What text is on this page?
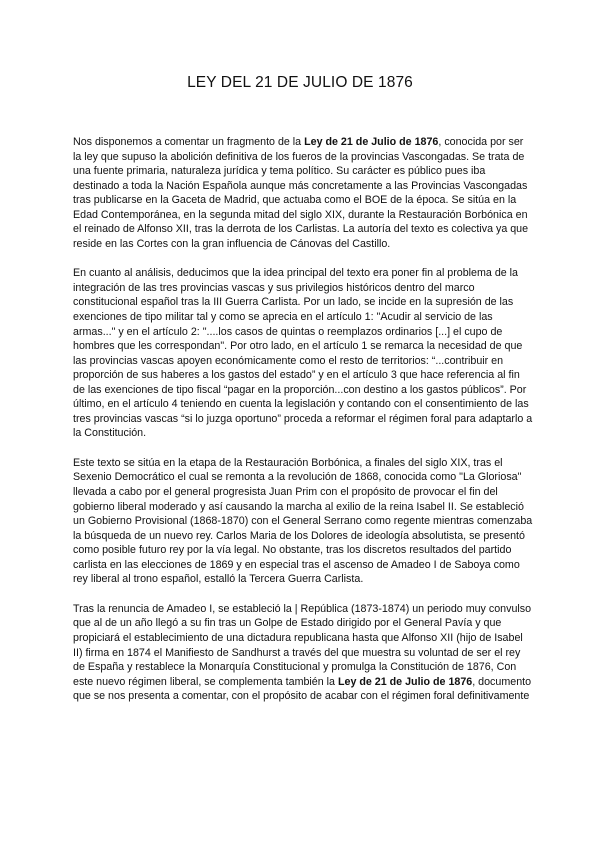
LEY DEL 21 DE JULIO DE 1876

Nos disponemos a comentar un fragmento de la Ley de 21 de Julio de 1876, conocida por ser la ley que supuso la abolición definitiva de los fueros de la provincias Vascongadas. Se trata de una fuente primaria, naturaleza jurídica y tema político. Su carácter es público pues iba destinado a toda la Nación Española aunque más concretamente a las Provincias Vascongadas tras publicarse en la Gaceta de Madrid, que actuaba como el BOE de la época. Se sitúa en la Edad Contemporánea, en la segunda mitad del siglo XIX, durante la Restauración Borbónica en el reinado de Alfonso XII, tras la derrota de los Carlistas. La autoría del texto es colectiva ya que reside en las Cortes con la gran influencia de Cánovas del Castillo.

En cuanto al análisis, deducimos que la idea principal del texto era poner fin al problema de la integración de las tres provincias vascas y sus privilegios históricos dentro del marco constitucional español tras la III Guerra Carlista. Por un lado, se incide en la supresión de las exenciones de tipo militar tal y como se aprecia en el artículo 1: "Acudir al servicio de las armas..." y en el artículo 2: "....los casos de quintas o reemplazos ordinarios [...] el cupo de hombres que les correspondan". Por otro lado, en el artículo 1 se remarca la necesidad de que las provincias vascas apoyen económicamente como el resto de territorios: “...contribuir en proporción de sus haberes a los gastos del estado” y en el artículo 3 que hace referencia al fin de las exenciones de tipo fiscal “pagar en la proporción...con destino a los gastos públicos”. Por último, en el artículo 4 teniendo en cuenta la legislación y contando con el consentimiento de las tres provincias vascas “si lo juzga oportuno” proceda a reformar el régimen foral para adaptarlo a la Constitución.

Este texto se sitúa en la etapa de la Restauración Borbónica, a finales del siglo XIX, tras el Sexenio Democrático el cual se remonta a la revolución de 1868, conocida como "La Gloriosa" llevada a cabo por el general progresista Juan Prim con el propósito de provocar el fin del gobierno liberal moderado y así causando la marcha al exilio de la reina Isabel II. Se estableció un Gobierno Provisional (1868-1870) con el General Serrano como regente mientras comenzaba la búsqueda de un nuevo rey. Carlos Maria de los Dolores de ideología absolutista, se presentó como posible futuro rey por la vía legal. No obstante, tras los discretos resultados del partido carlista en las elecciones de 1869 y en especial tras el ascenso de Amadeo I de Saboya como rey liberal al trono español, estalló la Tercera Guerra Carlista.

Tras la renuncia de Amadeo I, se estableció la | República (1873-1874) un periodo muy convulso que al de un año llegó a su fin tras un Golpe de Estado dirigido por el General Pavía y que propiciará el establecimiento de una dictadura republicana hasta que Alfonso XII (hijo de Isabel II) firma en 1874 el Manifiesto de Sandhurst a través del que muestra su voluntad de ser el rey de España y restablece la Monarquía Constitucional y promulga la Constitución de 1876, Con este nuevo régimen liberal, se complementa también la Ley de 21 de Julio de 1876, documento que se nos presenta a comentar, con el propósito de acabar con el régimen foral definitivamente
